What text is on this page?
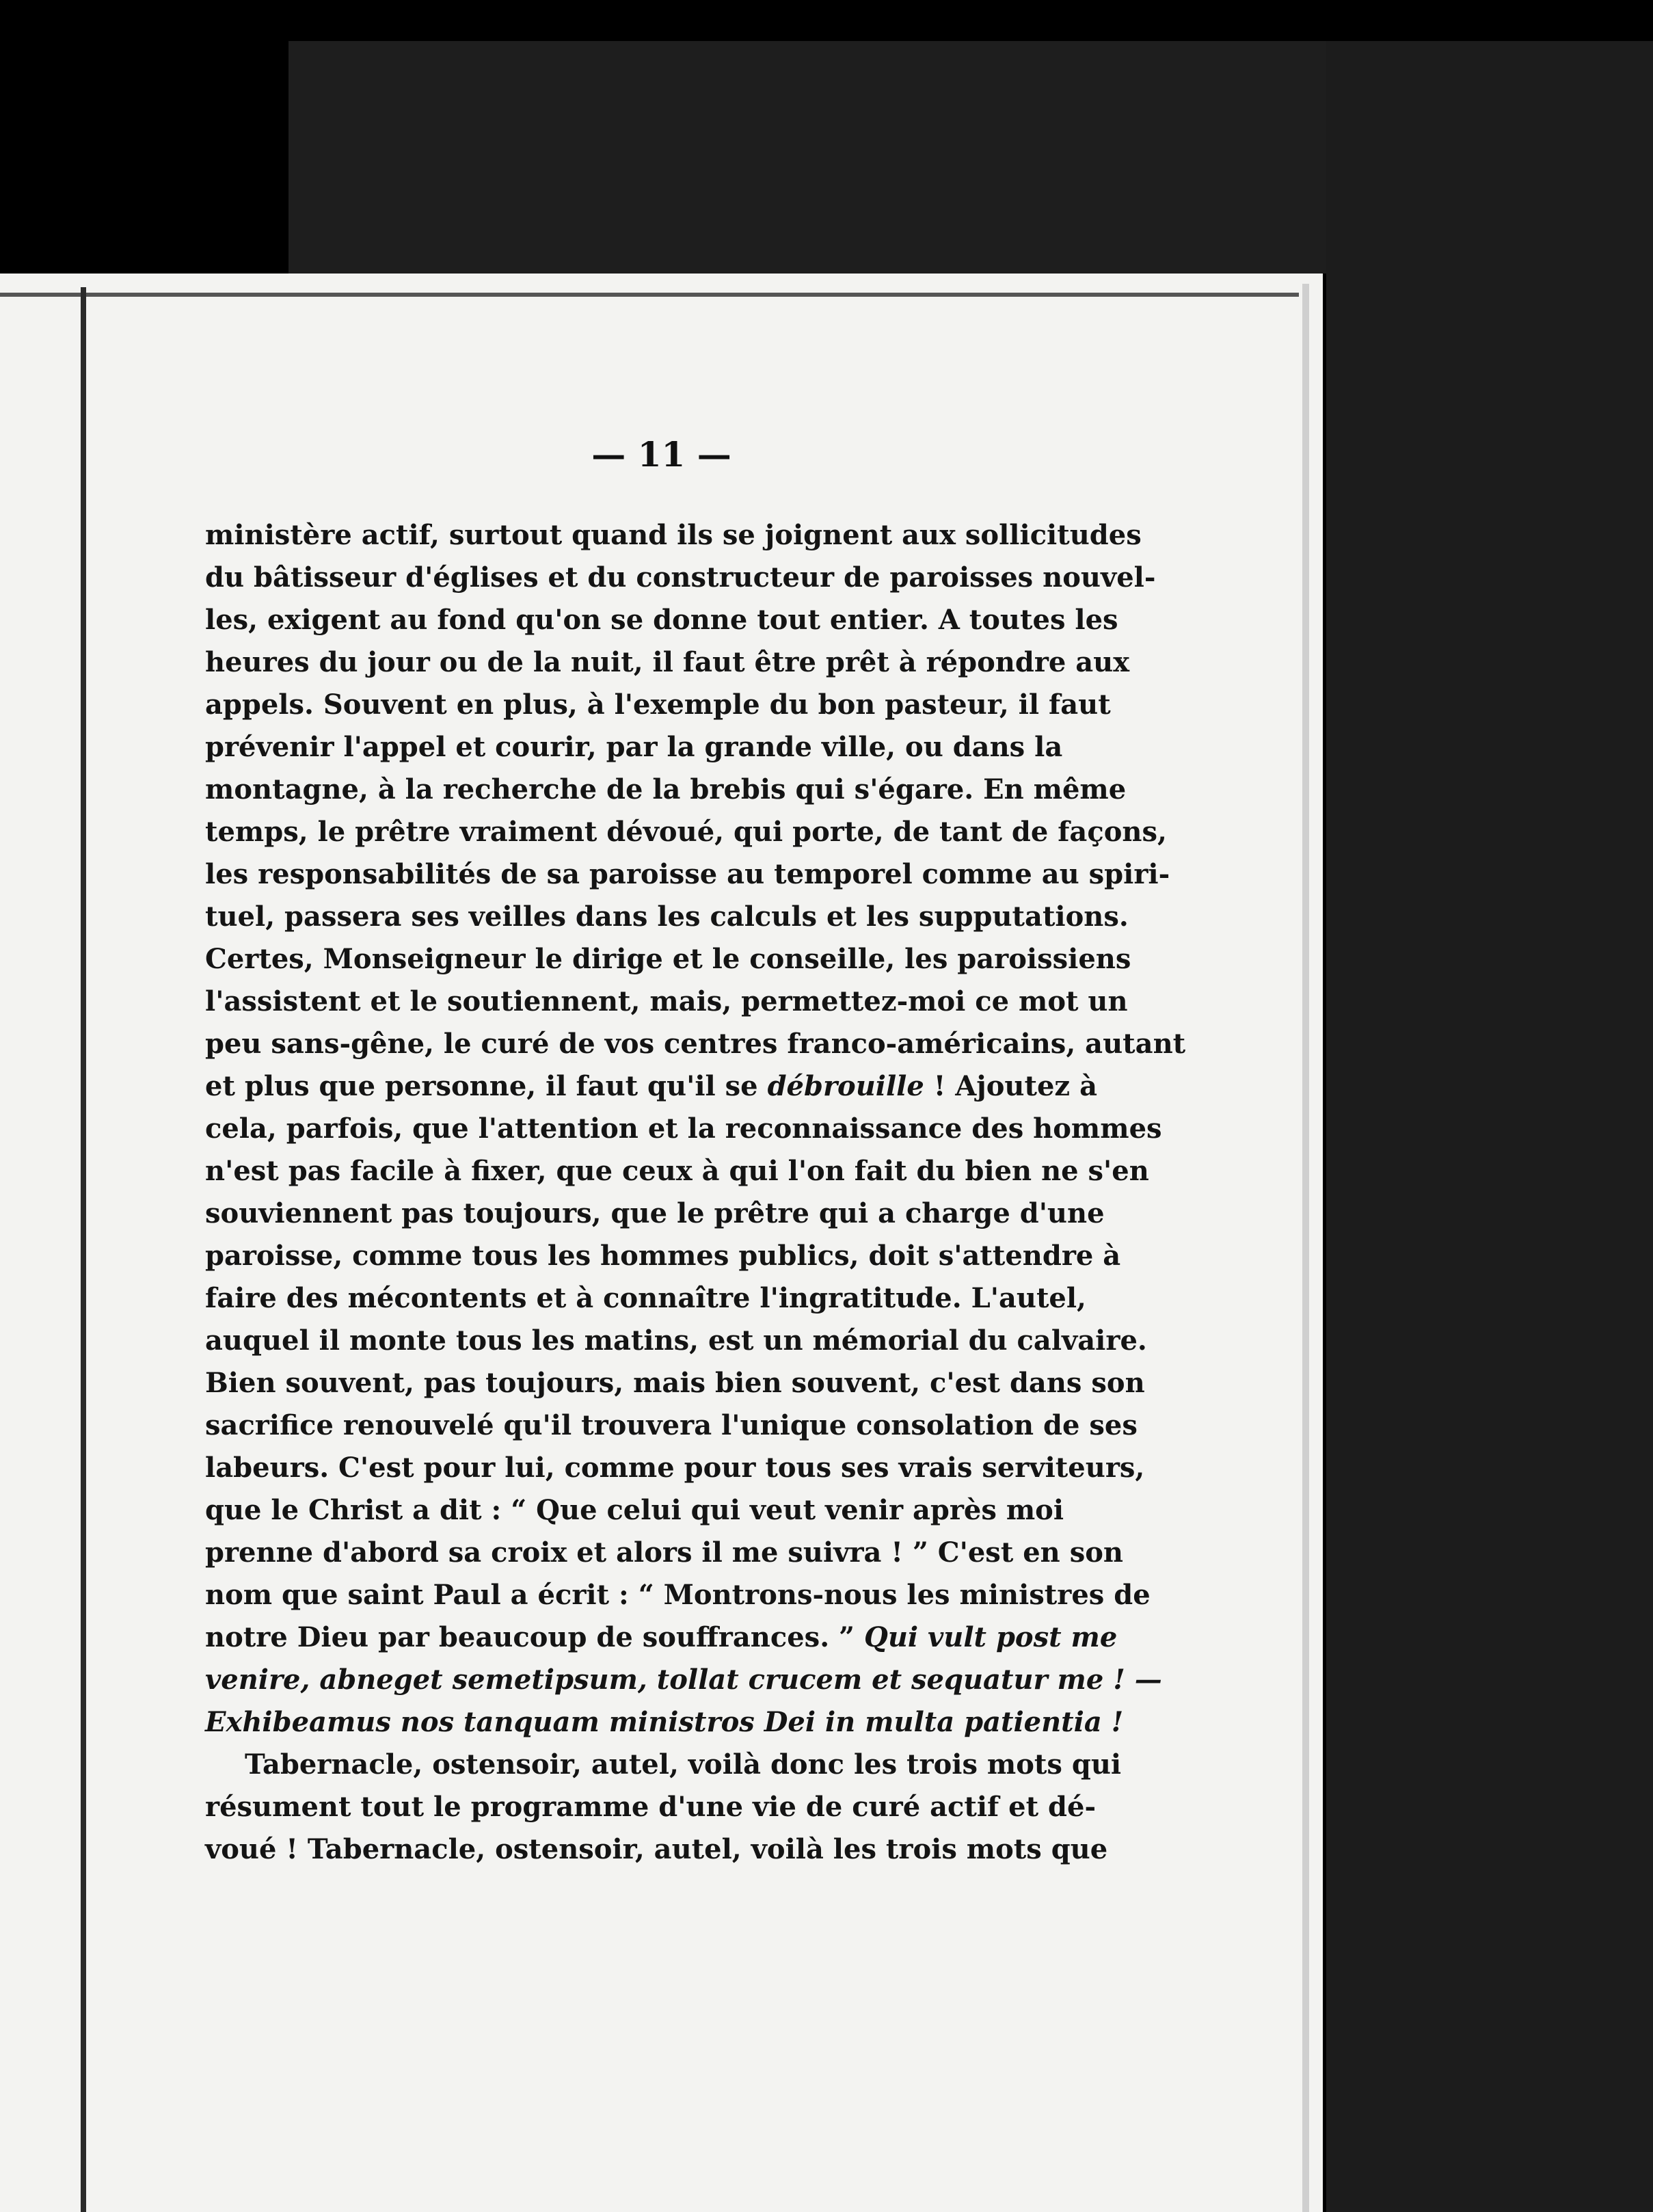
— 11 —
ministère actif, surtout quand ils se joignent aux sollicitudes
du bâtisseur d'églises et du constructeur de paroisses nouvel-
les, exigent au fond qu'on se donne tout entier. A toutes les
heures du jour ou de la nuit, il faut être prêt à répondre aux
appels. Souvent en plus, à l'exemple du bon pasteur, il faut
prévenir l'appel et courir, par la grande ville, ou dans la
montagne, à la recherche de la brebis qui s'égare. En même
temps, le prêtre vraiment dévoué, qui porte, de tant de façons,
les responsabilités de sa paroisse au temporel comme au spiri-
tuel, passera ses veilles dans les calculs et les supputations.
Certes, Monseigneur le dirige et le conseille, les paroissiens
l'assistent et le soutiennent, mais, permettez-moi ce mot un
peu sans-gêne, le curé de vos centres franco-américains, autant
et plus que personne, il faut qu'il se débrouille ! Ajoutez à
cela, parfois, que l'attention et la reconnaissance des hommes
n'est pas facile à fixer, que ceux à qui l'on fait du bien ne s'en
souviennent pas toujours, que le prêtre qui a charge d'une
paroisse, comme tous les hommes publics, doit s'attendre à
faire des mécontents et à connaître l'ingratitude. L'autel,
auquel il monte tous les matins, est un mémorial du calvaire.
Bien souvent, pas toujours, mais bien souvent, c'est dans son
sacrifice renouvelé qu'il trouvera l'unique consolation de ses
labeurs. C'est pour lui, comme pour tous ses vrais serviteurs,
que le Christ a dit : “ Que celui qui veut venir après moi
prenne d'abord sa croix et alors il me suivra ! ” C'est en son
nom que saint Paul a écrit : “ Montrons-nous les ministres de
notre Dieu par beaucoup de souffrances. ” Qui vult post me
venire, abneget semetipsum, tollat crucem et sequatur me ! —
Exhibeamus nos tanquam ministros Dei in multa patientia !
Tabernacle, ostensoir, autel, voilà donc les trois mots qui
résument tout le programme d'une vie de curé actif et dé-
voué ! Tabernacle, ostensoir, autel, voilà les trois mots que
